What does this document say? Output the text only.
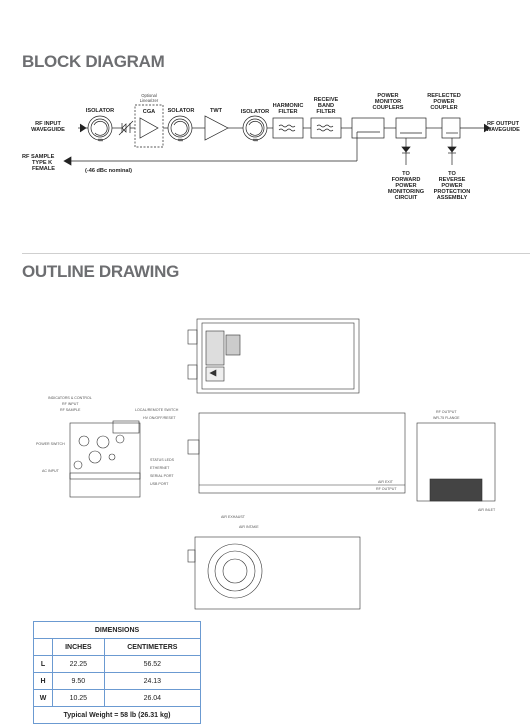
BLOCK DIAGRAM
RF INPUT
WAVEGUIDE
RF OUTPUT
WAVEGUIDE
RF SAMPLE
TYPE K
FEMALE	(-46 dBc nominal)
Optional
Linearizer
CGA
ISOLATOR	SOLATOR	TWT	ISOLATOR
HARMONIC
FILTER
RECEIVE
BAND
FILTER
POWER
MONITOR
COUPLERS
REFLECTED
POWER
COUPLER
TO
FORWARD
POWER
MONITORING
CIRCUIT
TO
REVERSE
POWER
PROTECTION
ASSEMBLY
OUTLINE DRAWING
INDICATORS & CONTROL
RF INPUT
RF SAMPLE
POWER SWITCH
AC INPUT
LOCAL/REMOTE SWITCH
HV ON/OFF/RESET
STATUS LEDS
ETHERNET
SERIAL PORT
USB PORT
RF OUTPUT
RF OUTPUT
WR-75 FLANGE
AIR INTAKE
AIR EXHAUST
AIR INLET
AIR EXIT
DIMENSIONS		
	INCHES	CENTIMETERS
L	22.25	56.52
H	9.50	24.13
W	10.25	26.04
Typical Weight = 58 lb (26.31 kg)		
